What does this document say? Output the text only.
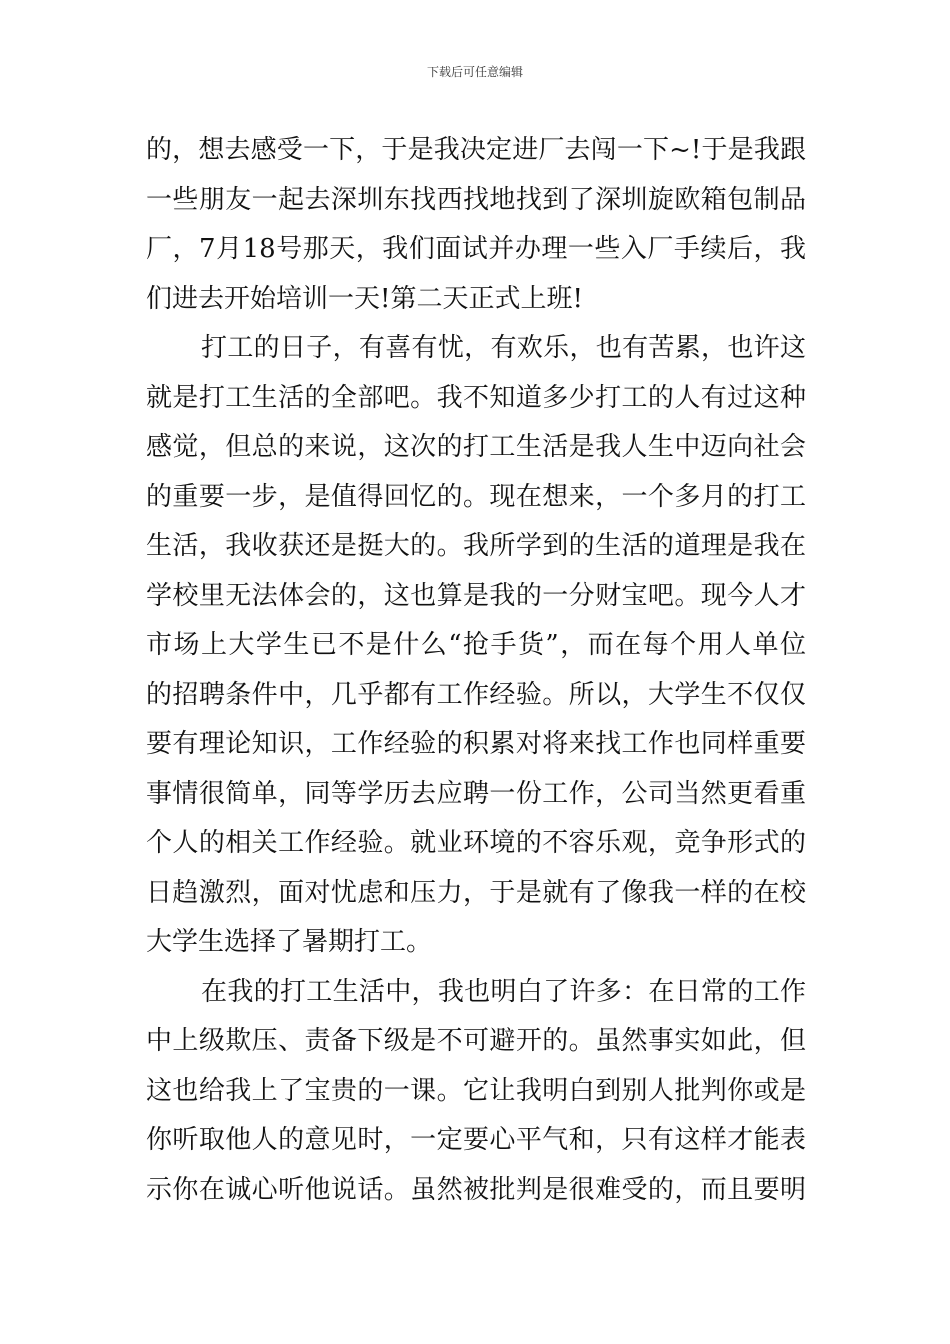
下载后可任意编辑
的，想去感受一下，于是我决定进厂去闯一下~!于是我跟
一些朋友一起去深圳东找西找地找到了深圳旋欧箱包制品
厂，7月18号那天，我们面试并办理一些入厂手续后，我
们进去开始培训一天!第二天正式上班!
打工的日子，有喜有忧，有欢乐，也有苦累，也许这
就是打工生活的全部吧。我不知道多少打工的人有过这种
感觉，但总的来说，这次的打工生活是我人生中迈向社会
的重要一步，是值得回忆的。现在想来，一个多月的打工
生活，我收获还是挺大的。我所学到的生活的道理是我在
学校里无法体会的，这也算是我的一分财宝吧。现今人才
市场上大学生已不是什么“抢手货”，而在每个用人单位
的招聘条件中，几乎都有工作经验。所以，大学生不仅仅
要有理论知识，工作经验的积累对将来找工作也同样重要
事情很简单，同等学历去应聘一份工作，公司当然更看重
个人的相关工作经验。就业环境的不容乐观，竞争形式的
日趋激烈，面对忧虑和压力，于是就有了像我一样的在校
大学生选择了暑期打工。
在我的打工生活中，我也明白了许多：在日常的工作
中上级欺压、责备下级是不可避开的。虽然事实如此，但
这也给我上了宝贵的一课。它让我明白到别人批判你或是
你听取他人的意见时，一定要心平气和，只有这样才能表
示你在诚心听他说话。虽然被批判是很难受的，而且要明
